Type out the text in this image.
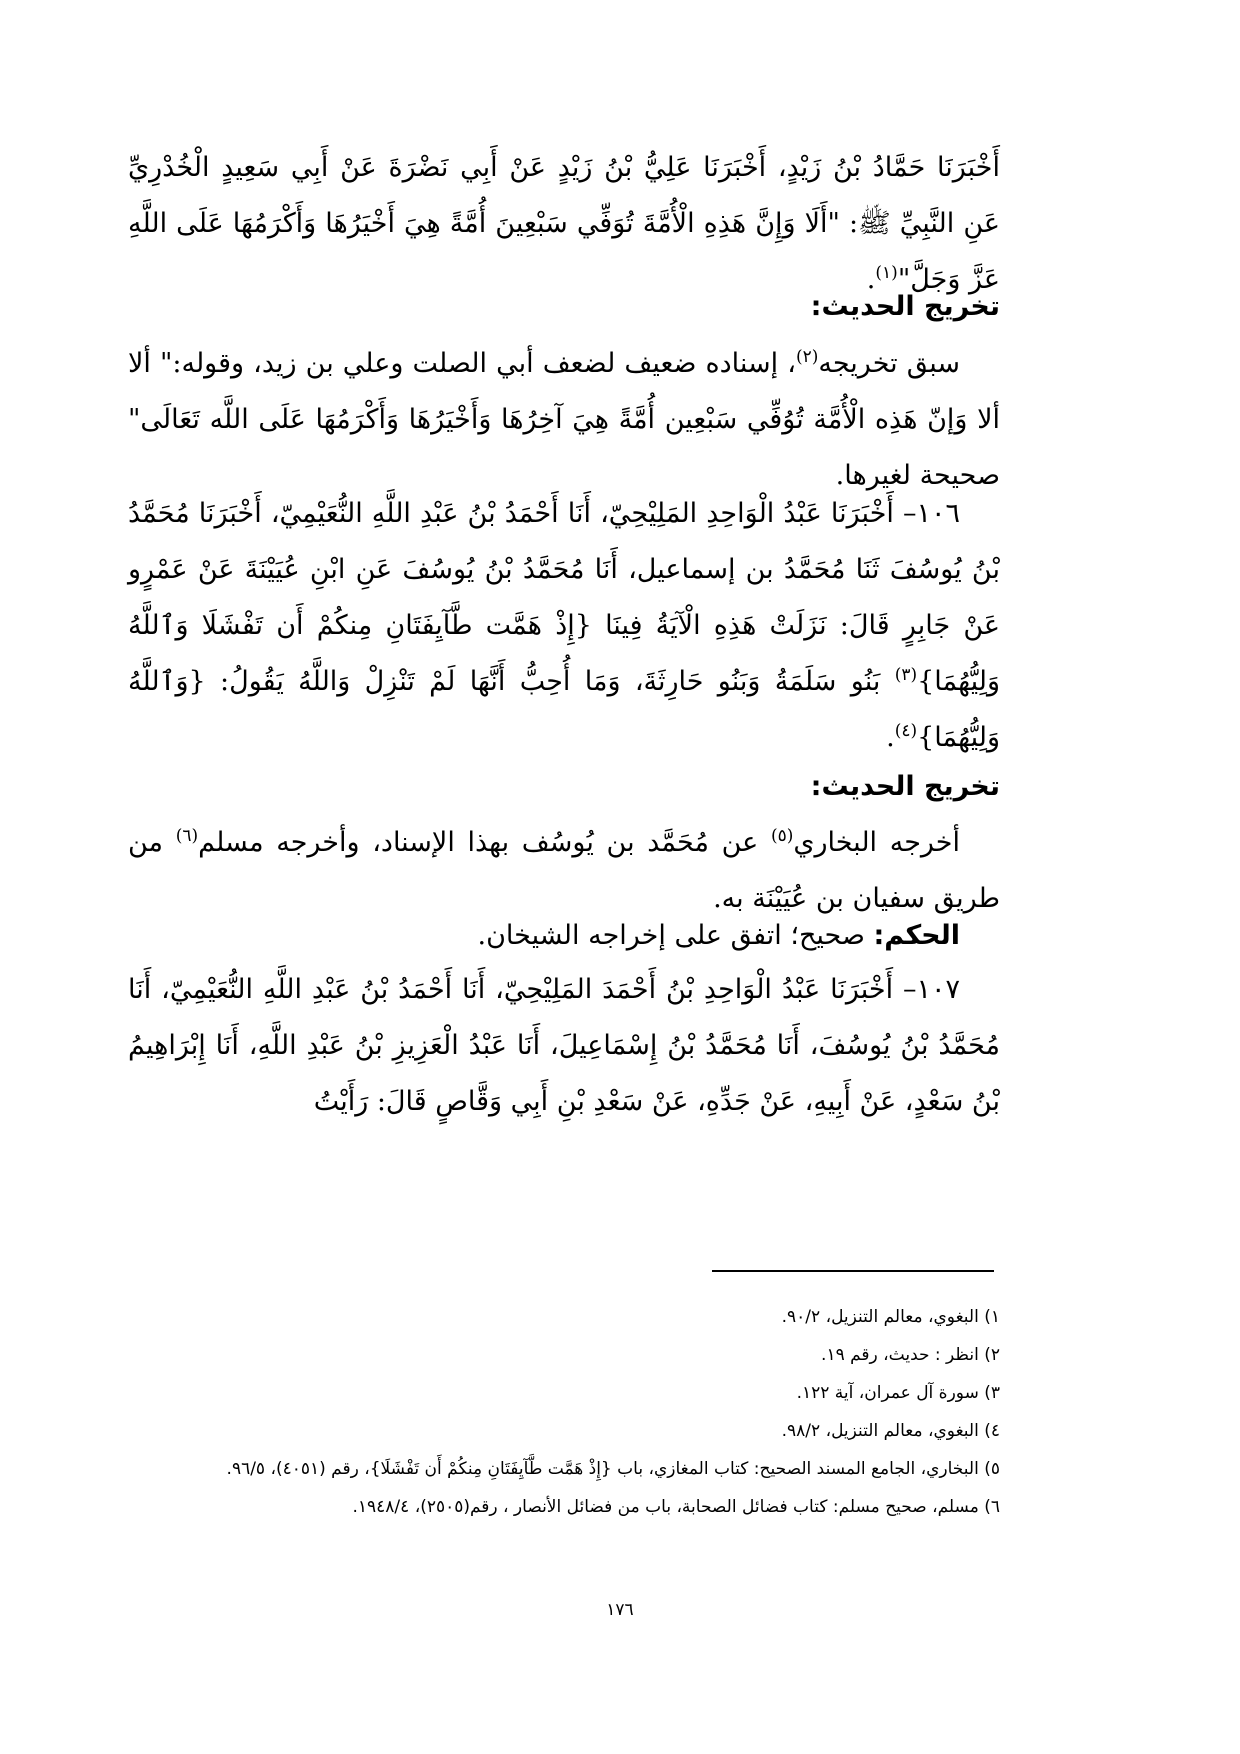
أَخْبَرَنَا حَمَّادُ بْنُ زَيْدٍ، أَخْبَرَنَا عَلِيُّ بْنُ زَيْدٍ عَنْ أَبِي نَضْرَةَ عَنْ أَبِي سَعِيدٍ الْخُدْرِيِّ عَنِ النَّبِيِّ ﷺ: "أَلَا وَإِنَّ هَذِهِ الْأُمَّةَ تُوَفِّي سَبْعِينَ أُمَّةً هِيَ أَخْيَرُهَا وَأَكْرَمُهَا عَلَى اللَّهِ عَزَّ وَجَلَّ"$^{(١)}$.

تخريج الحديث:

سبق تخريجه$^{(٢)}$، إسناده ضعيف لضعف أبي الصلت وعلي بن زيد، وقوله:" ألا ألا وَإنّ هَذِه الْأُمَّة تُوُفِّي سَبْعِين أُمَّةً هِيَ آخِرُهَا وَأَخْيَرُهَا وَأَكْرَمُهَا عَلَى اللَّه تَعَالَى" صحيحة لغيرها.

١٠٦– أَخْبَرَنَا عَبْدُ الْوَاحِدِ المَلِيْحِيّ، أَنَا أَحْمَدُ بْنُ عَبْدِ اللَّهِ النُّعَيْمِيّ، أَخْبَرَنَا مُحَمَّدُ بْنُ يُوسُفَ ثَنَا مُحَمَّدُ بن إسماعيل، أَنَا مُحَمَّدُ بْنُ يُوسُفَ عَنِ ابْنِ عُيَيْنَةَ عَنْ عَمْرٍو عَنْ جَابِرٍ قَالَ: نَزَلَتْ هَذِهِ الْآيَةُ فِينَا {إِذْ هَمَّت طَّآيِفَتَانِ مِنكُمْ أَن تَفْشَلَا وَٱللَّهُ وَلِيُّهُمَا}$^{(٣)}$ بَنُو سَلَمَةُ وَبَنُو حَارِثَةَ، وَمَا أُحِبُّ أَنَّهَا لَمْ تَنْزِلْ وَاللَّهُ يَقُولُ: {وَٱللَّهُ وَلِيُّهُمَا}$^{(٤)}$.

تخريج الحديث:

أخرجه البخاري$^{(٥)}$ عن مُحَمَّد بن يُوسُف بهذا الإسناد، وأخرجه مسلم$^{(٦)}$ من طريق سفيان بن عُيَيْنَة به.

الحكم: صحيح؛ اتفق على إخراجه الشيخان.

١٠٧– أَخْبَرَنَا عَبْدُ الْوَاحِدِ بْنُ أَحْمَدَ المَلِيْحِيّ، أَنَا أَحْمَدُ بْنُ عَبْدِ اللَّهِ النُّعَيْمِيّ، أَنَا مُحَمَّدُ بْنُ يُوسُفَ، أَنَا مُحَمَّدُ بْنُ إِسْمَاعِيلَ، أَنَا عَبْدُ الْعَزِيزِ بْنُ عَبْدِ اللَّهِ، أَنَا إِبْرَاهِيمُ بْنُ سَعْدٍ، عَنْ أَبِيهِ، عَنْ جَدِّهِ، عَنْ سَعْدِ بْنِ أَبِي وَقَّاصٍ قَالَ: رَأَيْتُ

١) البغوي، معالم التنزيل، ٩٠/٢.

٢) انظر : حديث، رقم ١٩.

٣) سورة آل عمران، آية ١٢٢.

٤) البغوي، معالم التنزيل، ٩٨/٢.

٥) البخاري، الجامع المسند الصحيح: كتاب المغازي، باب {إِذْ هَمَّت طَّآيِفَتَانِ مِنكُمْ أَن تَفْشَلَا}، رقم (٤٠٥١)، ٩٦/٥.

٦) مسلم، صحيح مسلم: كتاب فضائل الصحابة، باب من فضائل الأنصار ، رقم(٢٥٠٥)، ١٩٤٨/٤.

١٧٦
